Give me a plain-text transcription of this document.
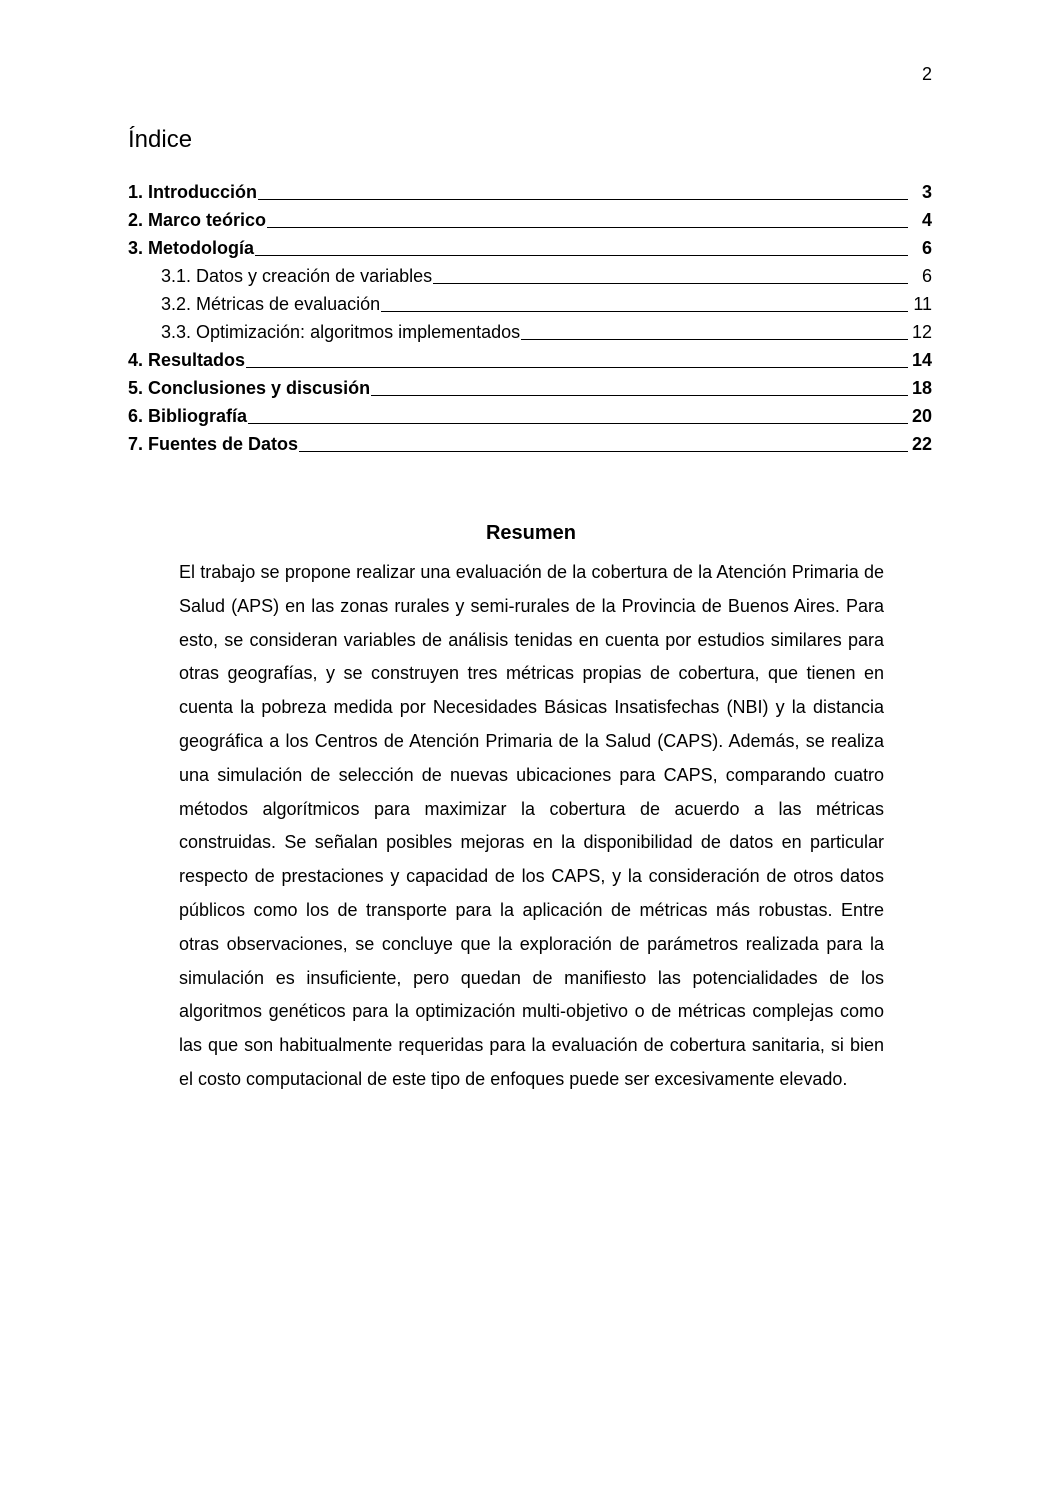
2
Índice
1. Introducción	3
2. Marco teórico	4
3. Metodología	6
3.1. Datos y creación de variables	6
3.2. Métricas de evaluación	11
3.3. Optimización: algoritmos implementados	12
4. Resultados	14
5. Conclusiones y discusión	18
6. Bibliografía	20
7. Fuentes de Datos	22
Resumen

El trabajo se propone realizar una evaluación de la cobertura de la Atención Primaria de Salud (APS) en las zonas rurales y semi-rurales de la Provincia de Buenos Aires. Para esto, se consideran variables de análisis tenidas en cuenta por estudios similares para otras geografías, y se construyen tres métricas propias de cobertura, que tienen en cuenta la pobreza medida por Necesidades Básicas Insatisfechas (NBI) y la distancia geográfica a los Centros de Atención Primaria de la Salud (CAPS). Además, se realiza una simulación de selección de nuevas ubicaciones para CAPS, comparando cuatro métodos algorítmicos para maximizar la cobertura de acuerdo a las métricas construidas. Se señalan posibles mejoras en la disponibilidad de datos en particular respecto de prestaciones y capacidad de los CAPS, y la consideración de otros datos públicos como los de transporte para la aplicación de métricas más robustas. Entre otras observaciones, se concluye que la exploración de parámetros realizada para la simulación es insuficiente, pero quedan de manifiesto las potencialidades de los algoritmos genéticos para la optimización multi-objetivo o de métricas complejas como las que son habitualmente requeridas para la evaluación de cobertura sanitaria, si bien el costo computacional de este tipo de enfoques puede ser excesivamente elevado.
